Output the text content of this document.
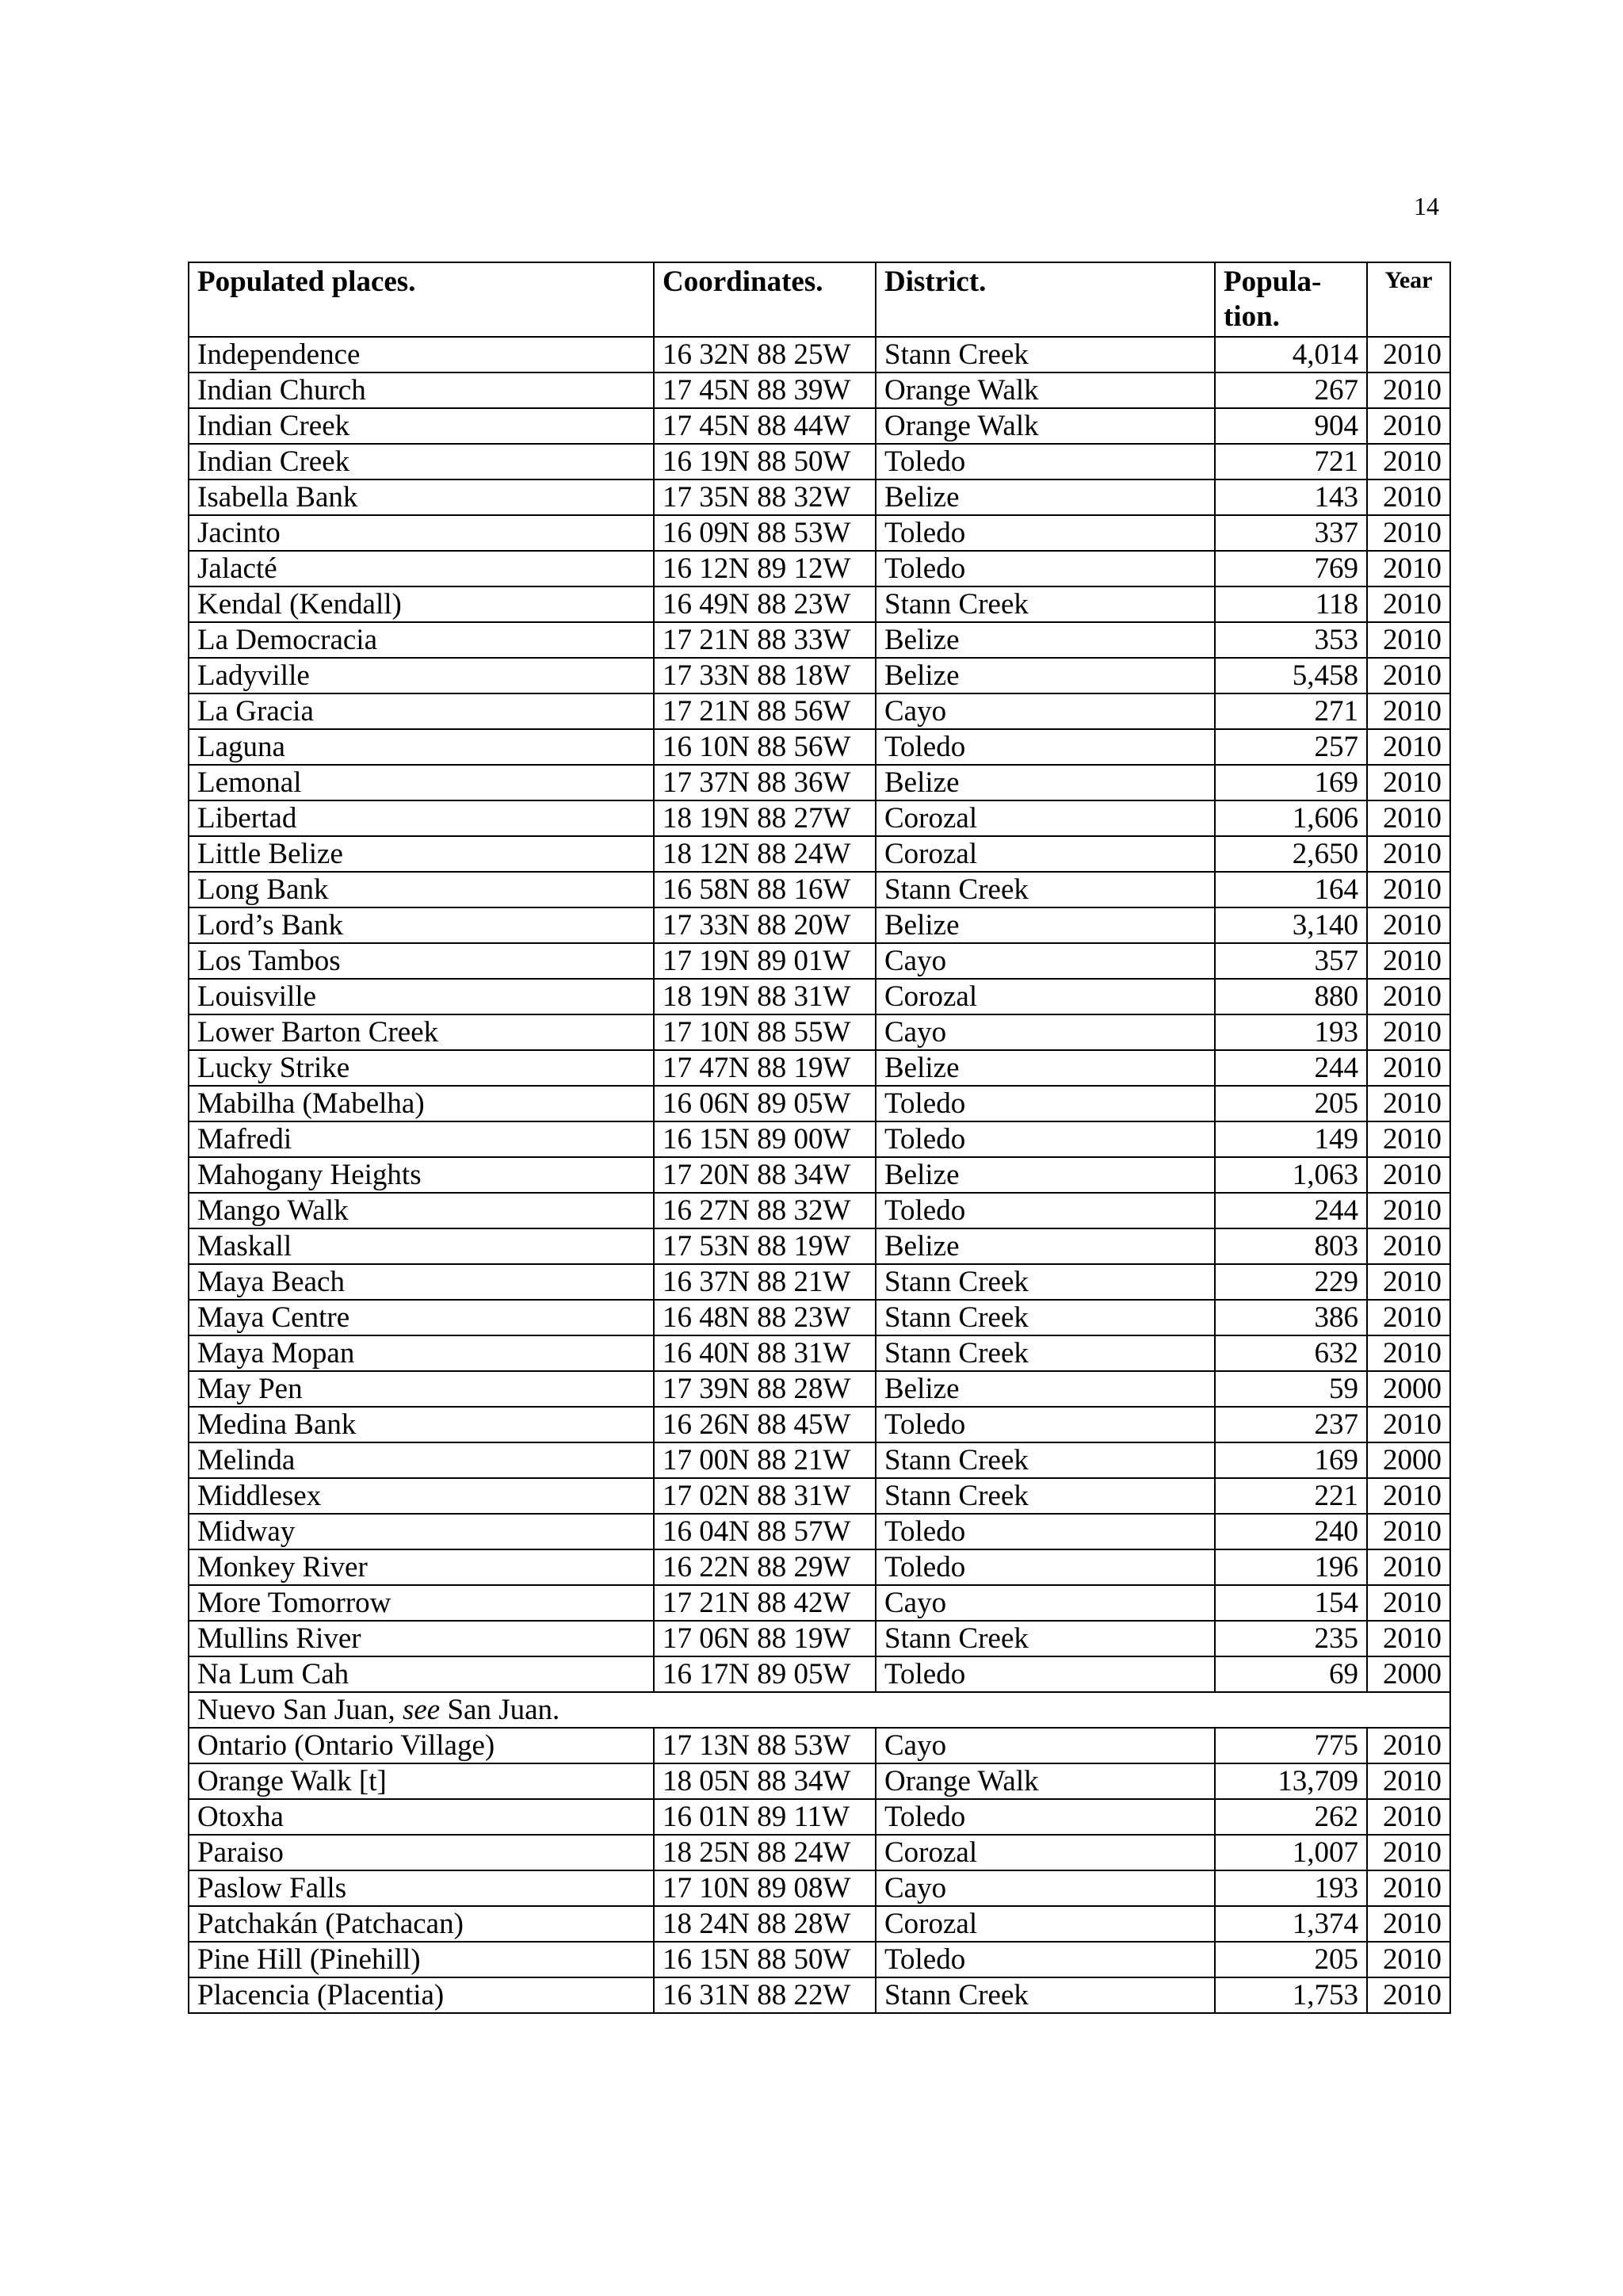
14
Populated places.	Coordinates.	District.	Popula- tion.	Year
Independence	16 32N 88 25W	Stann Creek	4,014	2010
Indian Church	17 45N 88 39W	Orange Walk	267	2010
Indian Creek	17 45N 88 44W	Orange Walk	904	2010
Indian Creek	16 19N 88 50W	Toledo	721	2010
Isabella Bank	17 35N 88 32W	Belize	143	2010
Jacinto	16 09N 88 53W	Toledo	337	2010
Jalacté	16 12N 89 12W	Toledo	769	2010
Kendal (Kendall)	16 49N 88 23W	Stann Creek	118	2010
La Democracia	17 21N 88 33W	Belize	353	2010
Ladyville	17 33N 88 18W	Belize	5,458	2010
La Gracia	17 21N 88 56W	Cayo	271	2010
Laguna	16 10N 88 56W	Toledo	257	2010
Lemonal	17 37N 88 36W	Belize	169	2010
Libertad	18 19N 88 27W	Corozal	1,606	2010
Little Belize	18 12N 88 24W	Corozal	2,650	2010
Long Bank	16 58N 88 16W	Stann Creek	164	2010
Lord’s Bank	17 33N 88 20W	Belize	3,140	2010
Los Tambos	17 19N 89 01W	Cayo	357	2010
Louisville	18 19N 88 31W	Corozal	880	2010
Lower Barton Creek	17 10N 88 55W	Cayo	193	2010
Lucky Strike	17 47N 88 19W	Belize	244	2010
Mabilha (Mabelha)	16 06N 89 05W	Toledo	205	2010
Mafredi	16 15N 89 00W	Toledo	149	2010
Mahogany Heights	17 20N 88 34W	Belize	1,063	2010
Mango Walk	16 27N 88 32W	Toledo	244	2010
Maskall	17 53N 88 19W	Belize	803	2010
Maya Beach	16 37N 88 21W	Stann Creek	229	2010
Maya Centre	16 48N 88 23W	Stann Creek	386	2010
Maya Mopan	16 40N 88 31W	Stann Creek	632	2010
May Pen	17 39N 88 28W	Belize	59	2000
Medina Bank	16 26N 88 45W	Toledo	237	2010
Melinda	17 00N 88 21W	Stann Creek	169	2000
Middlesex	17 02N 88 31W	Stann Creek	221	2010
Midway	16 04N 88 57W	Toledo	240	2010
Monkey River	16 22N 88 29W	Toledo	196	2010
More Tomorrow	17 21N 88 42W	Cayo	154	2010
Mullins River	17 06N 88 19W	Stann Creek	235	2010
Na Lum Cah	16 17N 89 05W	Toledo	69	2000
Nuevo San Juan, see San Juan.				
Ontario (Ontario Village)	17 13N 88 53W	Cayo	775	2010
Orange Walk [t]	18 05N 88 34W	Orange Walk	13,709	2010
Otoxha	16 01N 89 11W	Toledo	262	2010
Paraiso	18 25N 88 24W	Corozal	1,007	2010
Paslow Falls	17 10N 89 08W	Cayo	193	2010
Patchakán (Patchacan)	18 24N 88 28W	Corozal	1,374	2010
Pine Hill (Pinehill)	16 15N 88 50W	Toledo	205	2010
Placencia (Placentia)	16 31N 88 22W	Stann Creek	1,753	2010
